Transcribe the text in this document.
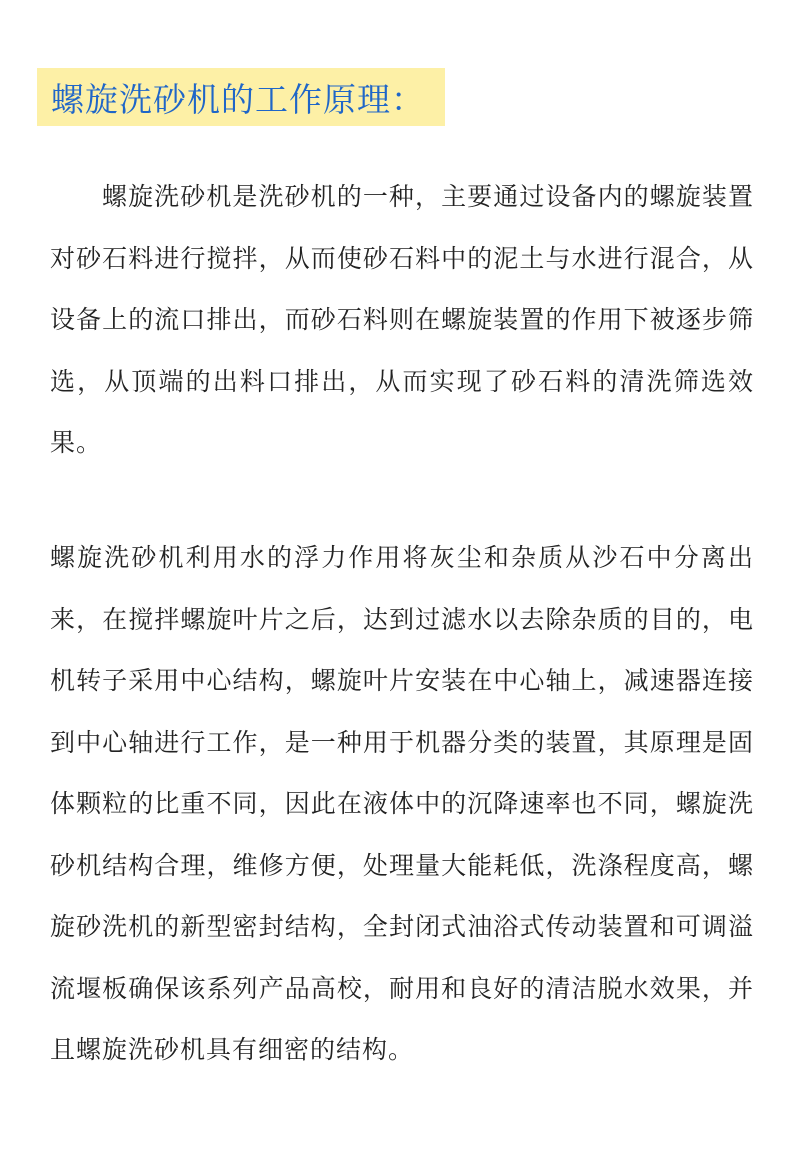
螺旋洗砂机的工作原理：

螺旋洗砂机是洗砂机的一种，主要通过设备内的螺旋装置对砂石料进行搅拌，从而使砂石料中的泥土与水进行混合，从设备上的流口排出，而砂石料则在螺旋装置的作用下被逐步筛选，从顶端的出料口排出，从而实现了砂石料的清洗筛选效果。

螺旋洗砂机利用水的浮力作用将灰尘和杂质从沙石中分离出来，在搅拌螺旋叶片之后，达到过滤水以去除杂质的目的，电机转子采用中心结构，螺旋叶片安装在中心轴上，减速器连接到中心轴进行工作，是一种用于机器分类的装置，其原理是固体颗粒的比重不同，因此在液体中的沉降速率也不同，螺旋洗砂机结构合理，维修方便，处理量大能耗低，洗涤程度高，螺旋砂洗机的新型密封结构，全封闭式油浴式传动装置和可调溢流堰板确保该系列产品高校，耐用和良好的清洁脱水效果，并且螺旋洗砂机具有细密的结构。
